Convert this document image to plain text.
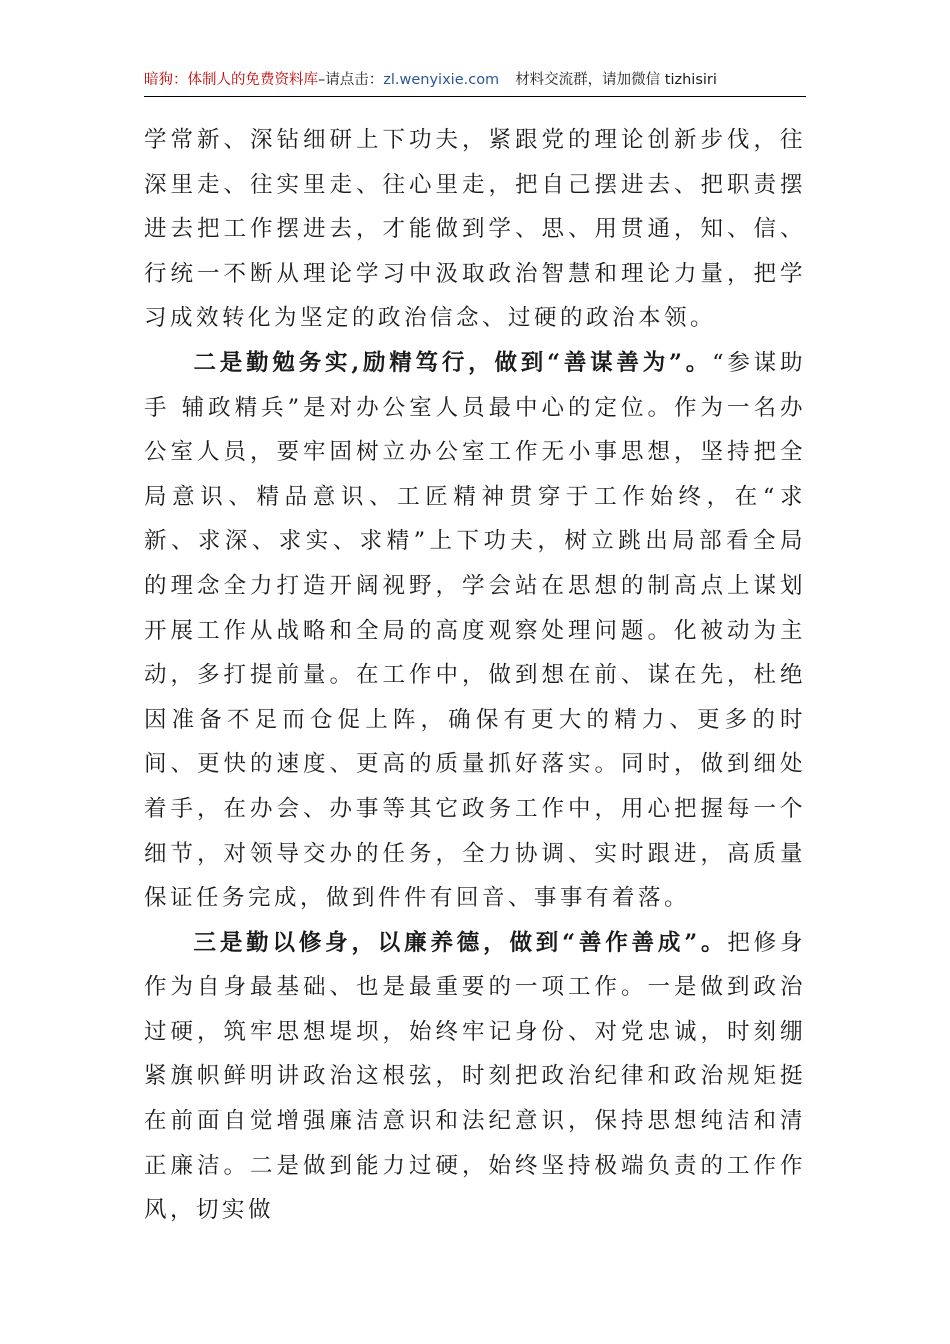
暗狗：体制人的免费资料库–请点击：zl.wenyixie.com 材料交流群，请加微信 tizhisiri

学常新、深钻细研上下功夫，紧跟党的理论创新步伐，往深里走、往实里走、往心里走，把自己摆进去、把职责摆进去把工作摆进去，才能做到学、思、用贯通，知、信、行统一不断从理论学习中汲取政治智慧和理论力量，把学习成效转化为坚定的政治信念、过硬的政治本领。

二是勤勉务实,励精笃行，做到“善谋善为”。“参谋助手 辅政精兵”是对办公室人员最中心的定位。作为一名办公室人员，要牢固树立办公室工作无小事思想，坚持把全局意识、精品意识、工匠精神贯穿于工作始终，在“求新、求深、求实、求精”上下功夫，树立跳出局部看全局的理念全力打造开阔视野，学会站在思想的制高点上谋划开展工作从战略和全局的高度观察处理问题。化被动为主动，多打提前量。在工作中，做到想在前、谋在先，杜绝因准备不足而仓促上阵，确保有更大的精力、更多的时间、更快的速度、更高的质量抓好落实。同时，做到细处着手，在办会、办事等其它政务工作中，用心把握每一个细节，对领导交办的任务，全力协调、实时跟进，高质量保证任务完成，做到件件有回音、事事有着落。

三是勤以修身，以廉养德，做到“善作善成”。把修身作为自身最基础、也是最重要的一项工作。一是做到政治过硬，筑牢思想堤坝，始终牢记身份、对党忠诚，时刻绷紧旗帜鲜明讲政治这根弦，时刻把政治纪律和政治规矩挺在前面自觉增强廉洁意识和法纪意识，保持思想纯洁和清正廉洁。二是做到能力过硬，始终坚持极端负责的工作作风，切实做
